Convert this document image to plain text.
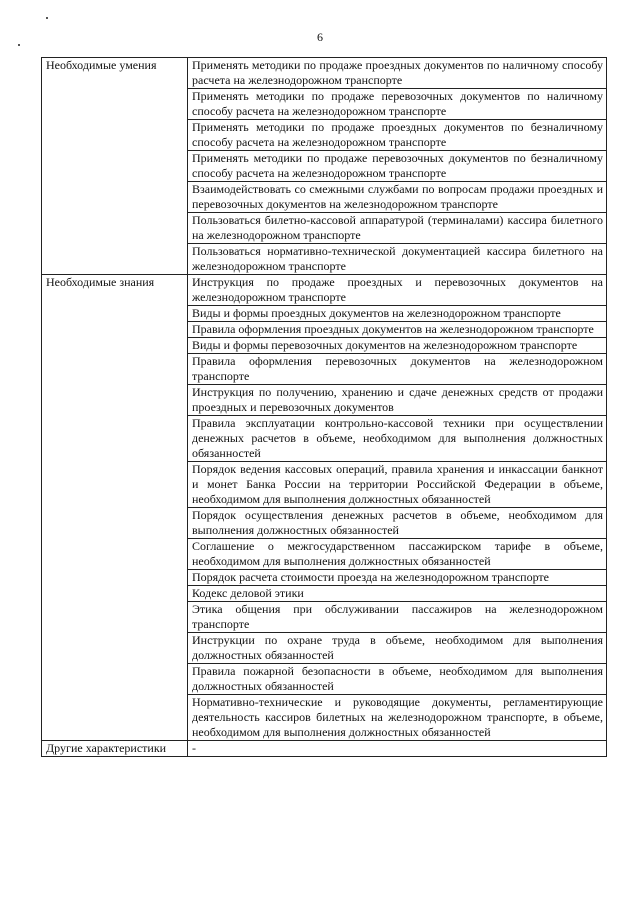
6
Необходимые умения	Применять методики по продаже проездных документов по наличному способу расчета на железнодорожном транспорте
	Применять методики по продаже перевозочных документов по наличному способу расчета на железнодорожном транспорте
	Применять методики по продаже проездных документов по безналичному способу расчета на железнодорожном транспорте
	Применять методики по продаже перевозочных документов по безналичному способу расчета на железнодорожном транспорте
	Взаимодействовать со смежными службами по вопросам продажи проездных и перевозочных документов на железнодорожном транспорте
	Пользоваться билетно-кассовой аппаратурой (терминалами) кассира билетного на железнодорожном транспорте
	Пользоваться нормативно-технической документацией кассира билетного на железнодорожном транспорте
Необходимые знания	Инструкция по продаже проездных и перевозочных документов на железнодорожном транспорте
	Виды и формы проездных документов на железнодорожном транспорте
	Правила оформления проездных документов на железнодорожном транспорте
	Виды и формы перевозочных документов на железнодорожном транспорте
	Правила оформления перевозочных документов на железнодорожном транспорте
	Инструкция по получению, хранению и сдаче денежных средств от продажи проездных и перевозочных документов
	Правила эксплуатации контрольно-кассовой техники при осуществлении денежных расчетов в объеме, необходимом для выполнения должностных обязанностей
	Порядок ведения кассовых операций, правила хранения и инкассации банкнот и монет Банка России на территории Российской Федерации в объеме, необходимом для выполнения должностных обязанностей
	Порядок осуществления денежных расчетов в объеме, необходимом для выполнения должностных обязанностей
	Соглашение о межгосударственном пассажирском тарифе в объеме, необходимом для выполнения должностных обязанностей
	Порядок расчета стоимости проезда на железнодорожном транспорте
	Кодекс деловой этики
	Этика общения при обслуживании пассажиров на железнодорожном транспорте
	Инструкции по охране труда в объеме, необходимом для выполнения должностных обязанностей
	Правила пожарной безопасности в объеме, необходимом для выполнения должностных обязанностей
	Нормативно-технические и руководящие документы, регламентирующие деятельность кассиров билетных на железнодорожном транспорте, в объеме, необходимом для выполнения должностных обязанностей
Другие характеристики	-
